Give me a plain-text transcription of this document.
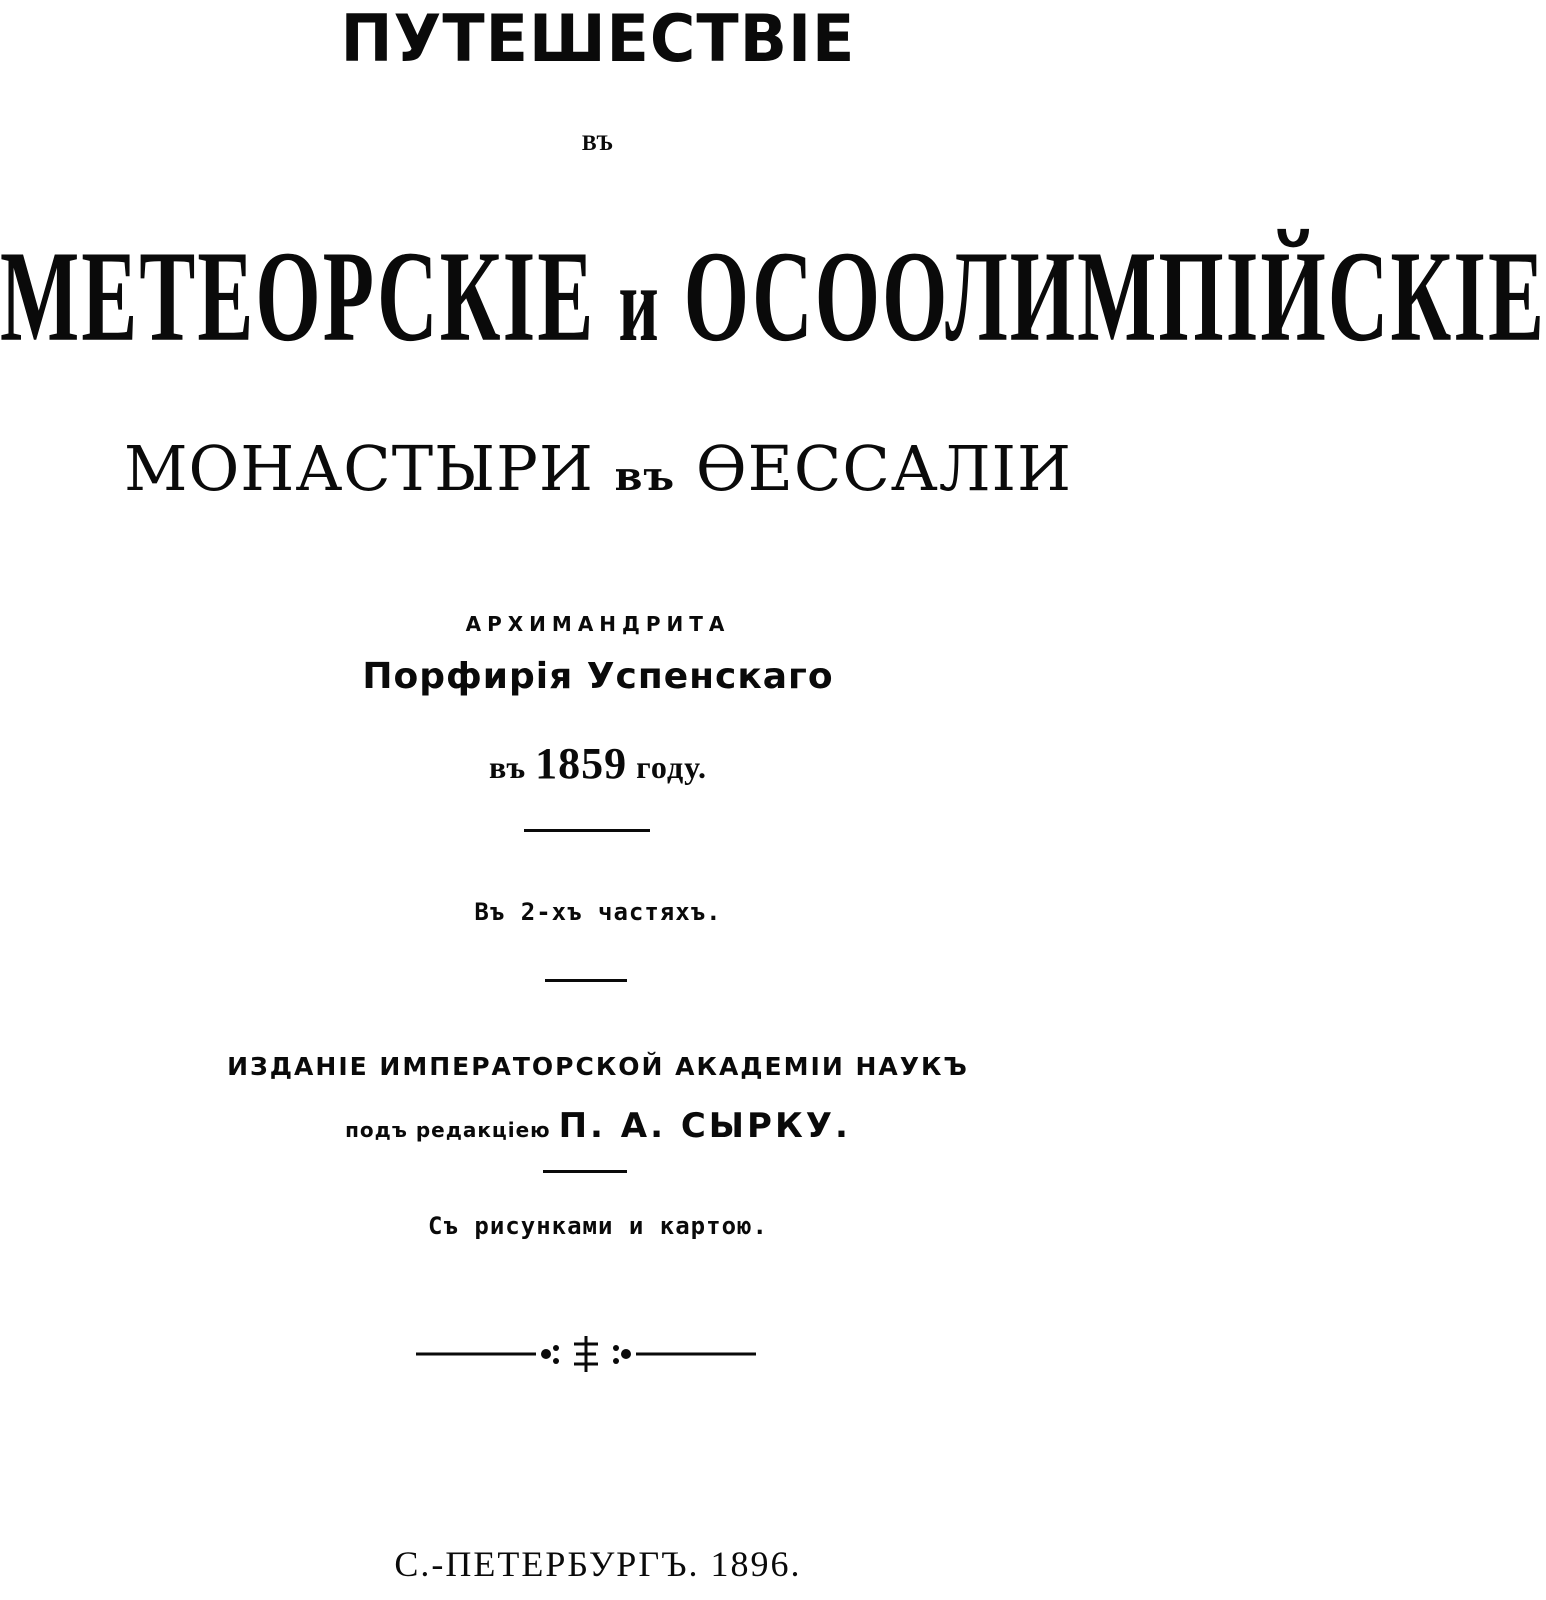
ПУТЕШЕСТВІЕ
ВЪ
МЕТЕОРСКІЕ и ОСООЛИМПІЙСКІЕ
МОНАСТЫРИ въ ѲЕССАЛІИ
АРХИМАНДРИТА
Порфирія Успенскаго
въ 1859 году.
Въ 2-хъ частяхъ.
ИЗДАНІЕ ИМПЕРАТОРСКОЙ АКАДЕМІИ НАУКЪ
подъ редакціею П. А. СЫРКУ.
Съ рисунками и картою.
С.-ПЕТЕРБУРГЪ. 1896.
